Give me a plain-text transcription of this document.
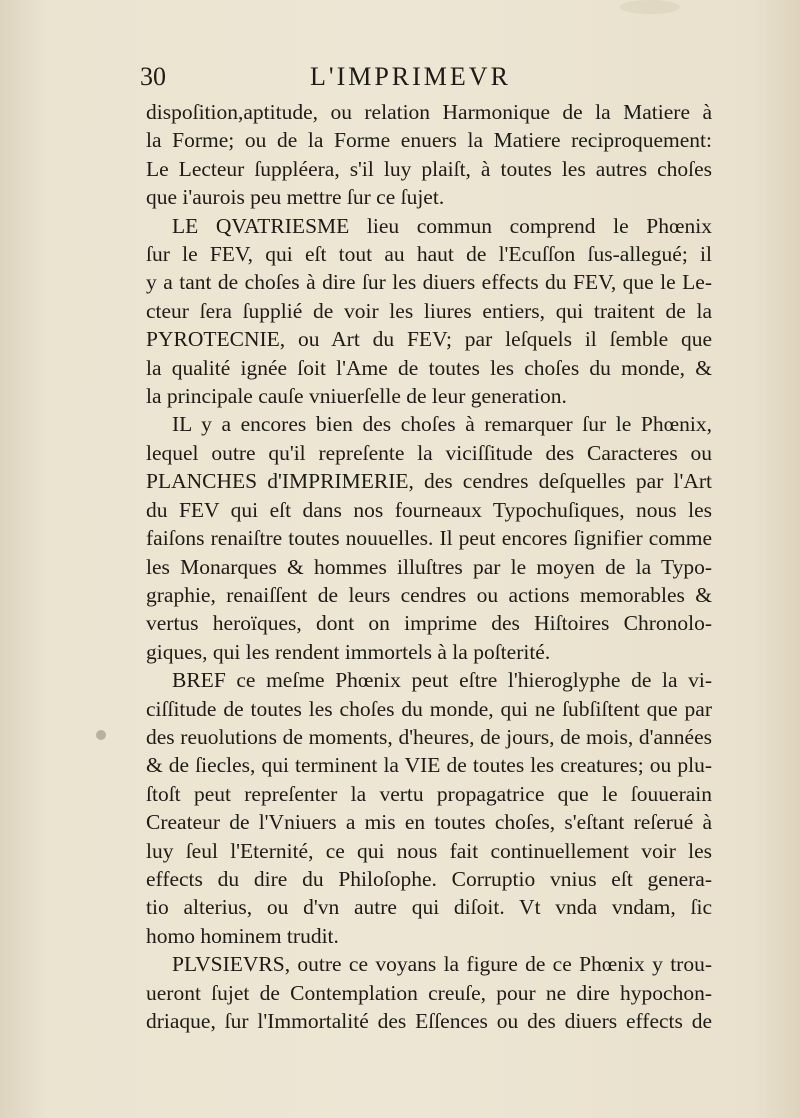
30	L'IMPRIMEVR
dispoſition,aptitude, ou relation Harmonique de la Matiere à
la Forme; ou de la Forme enuers la Matiere reciproquement:
Le Lecteur ſuppléera, s'il luy plaiſt, à toutes les autres choſes
que i'aurois peu mettre ſur ce ſujet.
LE QVATRIESME lieu commun comprend le Phœnix
ſur le FEV, qui eſt tout au haut de l'Ecuſſon ſus-allegué; il
y a tant de choſes à dire ſur les diuers effects du FEV, que le Le-
cteur ſera ſupplié de voir les liures entiers, qui traitent de la
PYROTECNIE, ou Art du FEV; par leſquels il ſemble que
la qualité ignée ſoit l'Ame de toutes les choſes du monde, &
la principale cauſe vniuerſelle de leur generation.
IL y a encores bien des choſes à remarquer ſur le Phœnix,
lequel outre qu'il repreſente la viciſſitude des Caracteres ou
PLANCHES d'IMPRIMERIE, des cendres deſquelles par l'Art
du FEV qui eſt dans nos fourneaux Typochuſiques, nous les
faiſons renaiſtre toutes nouuelles. Il peut encores ſignifier comme
les Monarques & hommes illuſtres par le moyen de la Typo-
graphie, renaiſſent de leurs cendres ou actions memorables &
vertus heroïques, dont on imprime des Hiſtoires Chronolo-
giques, qui les rendent immortels à la poſterité.
BREF ce meſme Phœnix peut eſtre l'hieroglyphe de la vi-
ciſſitude de toutes les choſes du monde, qui ne ſubſiſtent que par
des reuolutions de moments, d'heures, de jours, de mois, d'années
& de ſiecles, qui terminent la VIE de toutes les creatures; ou plu-
ſtoſt peut repreſenter la vertu propagatrice que le ſouuerain
Createur de l'Vniuers a mis en toutes choſes, s'eſtant reſerué à
luy ſeul l'Eternité, ce qui nous fait continuellement voir les
effects du dire du Philoſophe. Corruptio vnius eſt genera-
tio alterius, ou d'vn autre qui diſoit. Vt vnda vndam, ſic
homo hominem trudit.
PLVSIEVRS, outre ce voyans la figure de ce Phœnix y trou-
ueront ſujet de Contemplation creuſe, pour ne dire hypochon-
driaque, ſur l'Immortalité des Eſſences ou des diuers effects de
